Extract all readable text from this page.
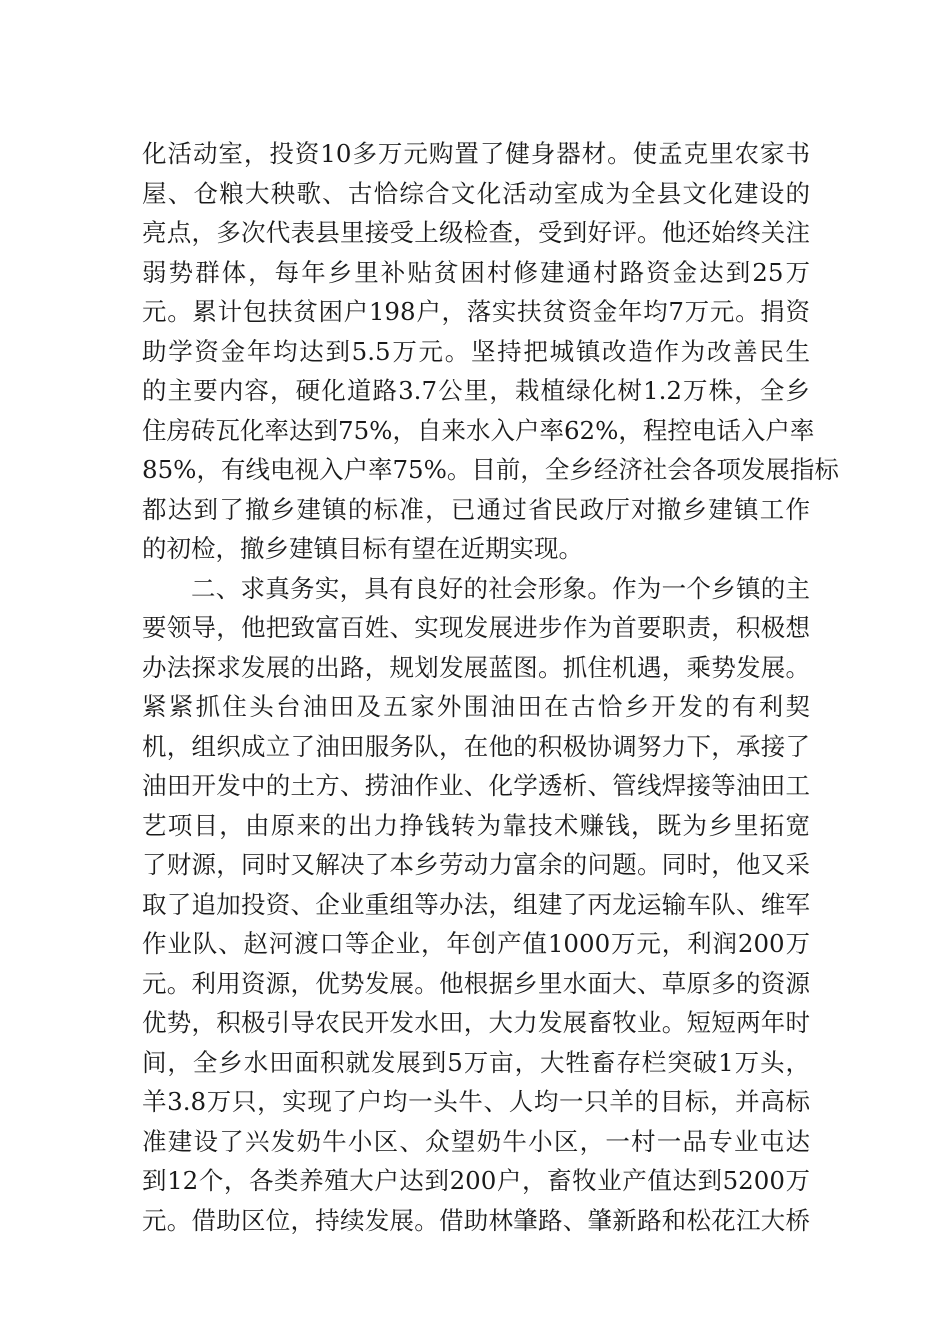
化活动室，投资10多万元购置了健身器材。使孟克里农家书
屋、仓粮大秧歌、古恰综合文化活动室成为全县文化建设的
亮点，多次代表县里接受上级检查，受到好评。他还始终关注
弱势群体，每年乡里补贴贫困村修建通村路资金达到25万
元。累计包扶贫困户198户，落实扶贫资金年均7万元。捐资
助学资金年均达到5.5万元。坚持把城镇改造作为改善民生
的主要内容，硬化道路3.7公里，栽植绿化树1.2万株，全乡
住房砖瓦化率达到75%，自来水入户率62%，程控电话入户率
85%，有线电视入户率75%。目前，全乡经济社会各项发展指标
都达到了撤乡建镇的标准，已通过省民政厅对撤乡建镇工作
的初检，撤乡建镇目标有望在近期实现。
二、求真务实，具有良好的社会形象。作为一个乡镇的主
要领导，他把致富百姓、实现发展进步作为首要职责，积极想
办法探求发展的出路，规划发展蓝图。抓住机遇，乘势发展。
紧紧抓住头台油田及五家外围油田在古恰乡开发的有利契
机，组织成立了油田服务队，在他的积极协调努力下，承接了
油田开发中的土方、捞油作业、化学透析、管线焊接等油田工
艺项目，由原来的出力挣钱转为靠技术赚钱，既为乡里拓宽
了财源，同时又解决了本乡劳动力富余的问题。同时，他又采
取了追加投资、企业重组等办法，组建了丙龙运输车队、维军
作业队、赵河渡口等企业，年创产值1000万元，利润200万
元。利用资源，优势发展。他根据乡里水面大、草原多的资源
优势，积极引导农民开发水田，大力发展畜牧业。短短两年时
间，全乡水田面积就发展到5万亩，大牲畜存栏突破1万头，
羊3.8万只，实现了户均一头牛、人均一只羊的目标，并高标
准建设了兴发奶牛小区、众望奶牛小区，一村一品专业屯达
到12个，各类养殖大户达到200户，畜牧业产值达到5200万
元。借助区位，持续发展。借助林肇路、肇新路和松花江大桥
